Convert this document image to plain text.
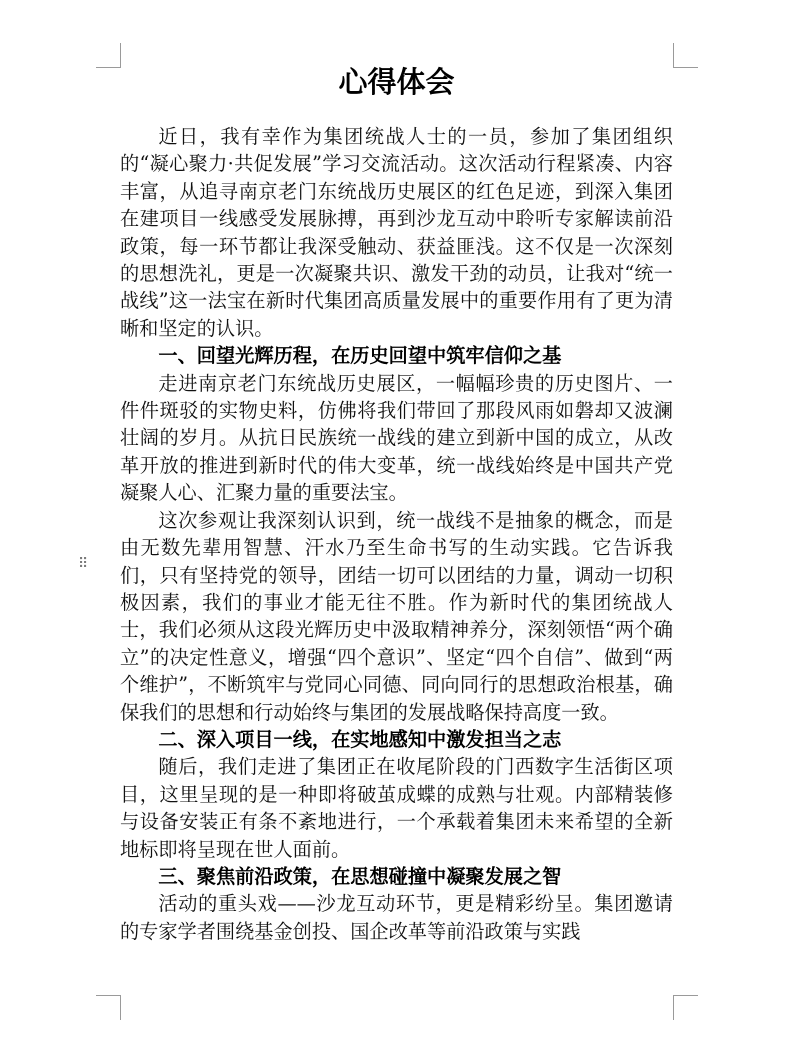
⠿
心得体会

近日，我有幸作为集团统战人士的一员，参加了集团组织的“凝心聚力·共促发展”学习交流活动。这次活动行程紧凑、内容丰富，从追寻南京老门东统战历史展区的红色足迹，到深入集团在建项目一线感受发展脉搏，再到沙龙互动中聆听专家解读前沿政策，每一环节都让我深受触动、获益匪浅。这不仅是一次深刻的思想洗礼，更是一次凝聚共识、激发干劲的动员，让我对“统一战线”这一法宝在新时代集团高质量发展中的重要作用有了更为清晰和坚定的认识。

一、回望光辉历程，在历史回望中筑牢信仰之基

走进南京老门东统战历史展区，一幅幅珍贵的历史图片、一件件斑驳的实物史料，仿佛将我们带回了那段风雨如磐却又波澜壮阔的岁月。从抗日民族统一战线的建立到新中国的成立，从改革开放的推进到新时代的伟大变革，统一战线始终是中国共产党凝聚人心、汇聚力量的重要法宝。

这次参观让我深刻认识到，统一战线不是抽象的概念，而是由无数先辈用智慧、汗水乃至生命书写的生动实践。它告诉我们，只有坚持党的领导，团结一切可以团结的力量，调动一切积极因素，我们的事业才能无往不胜。作为新时代的集团统战人士，我们必须从这段光辉历史中汲取精神养分，深刻领悟“两个确立”的决定性意义，增强“四个意识”、坚定“四个自信”、做到“两个维护”，不断筑牢与党同心同德、同向同行的思想政治根基，确保我们的思想和行动始终与集团的发展战略保持高度一致。

二、深入项目一线，在实地感知中激发担当之志

随后，我们走进了集团正在收尾阶段的门西数字生活街区项目，这里呈现的是一种即将破茧成蝶的成熟与壮观。内部精装修与设备安装正有条不紊地进行，一个承载着集团未来希望的全新地标即将呈现在世人面前。

三、聚焦前沿政策，在思想碰撞中凝聚发展之智

活动的重头戏——沙龙互动环节，更是精彩纷呈。集团邀请的专家学者围绕基金创投、国企改革等前沿政策与实践
